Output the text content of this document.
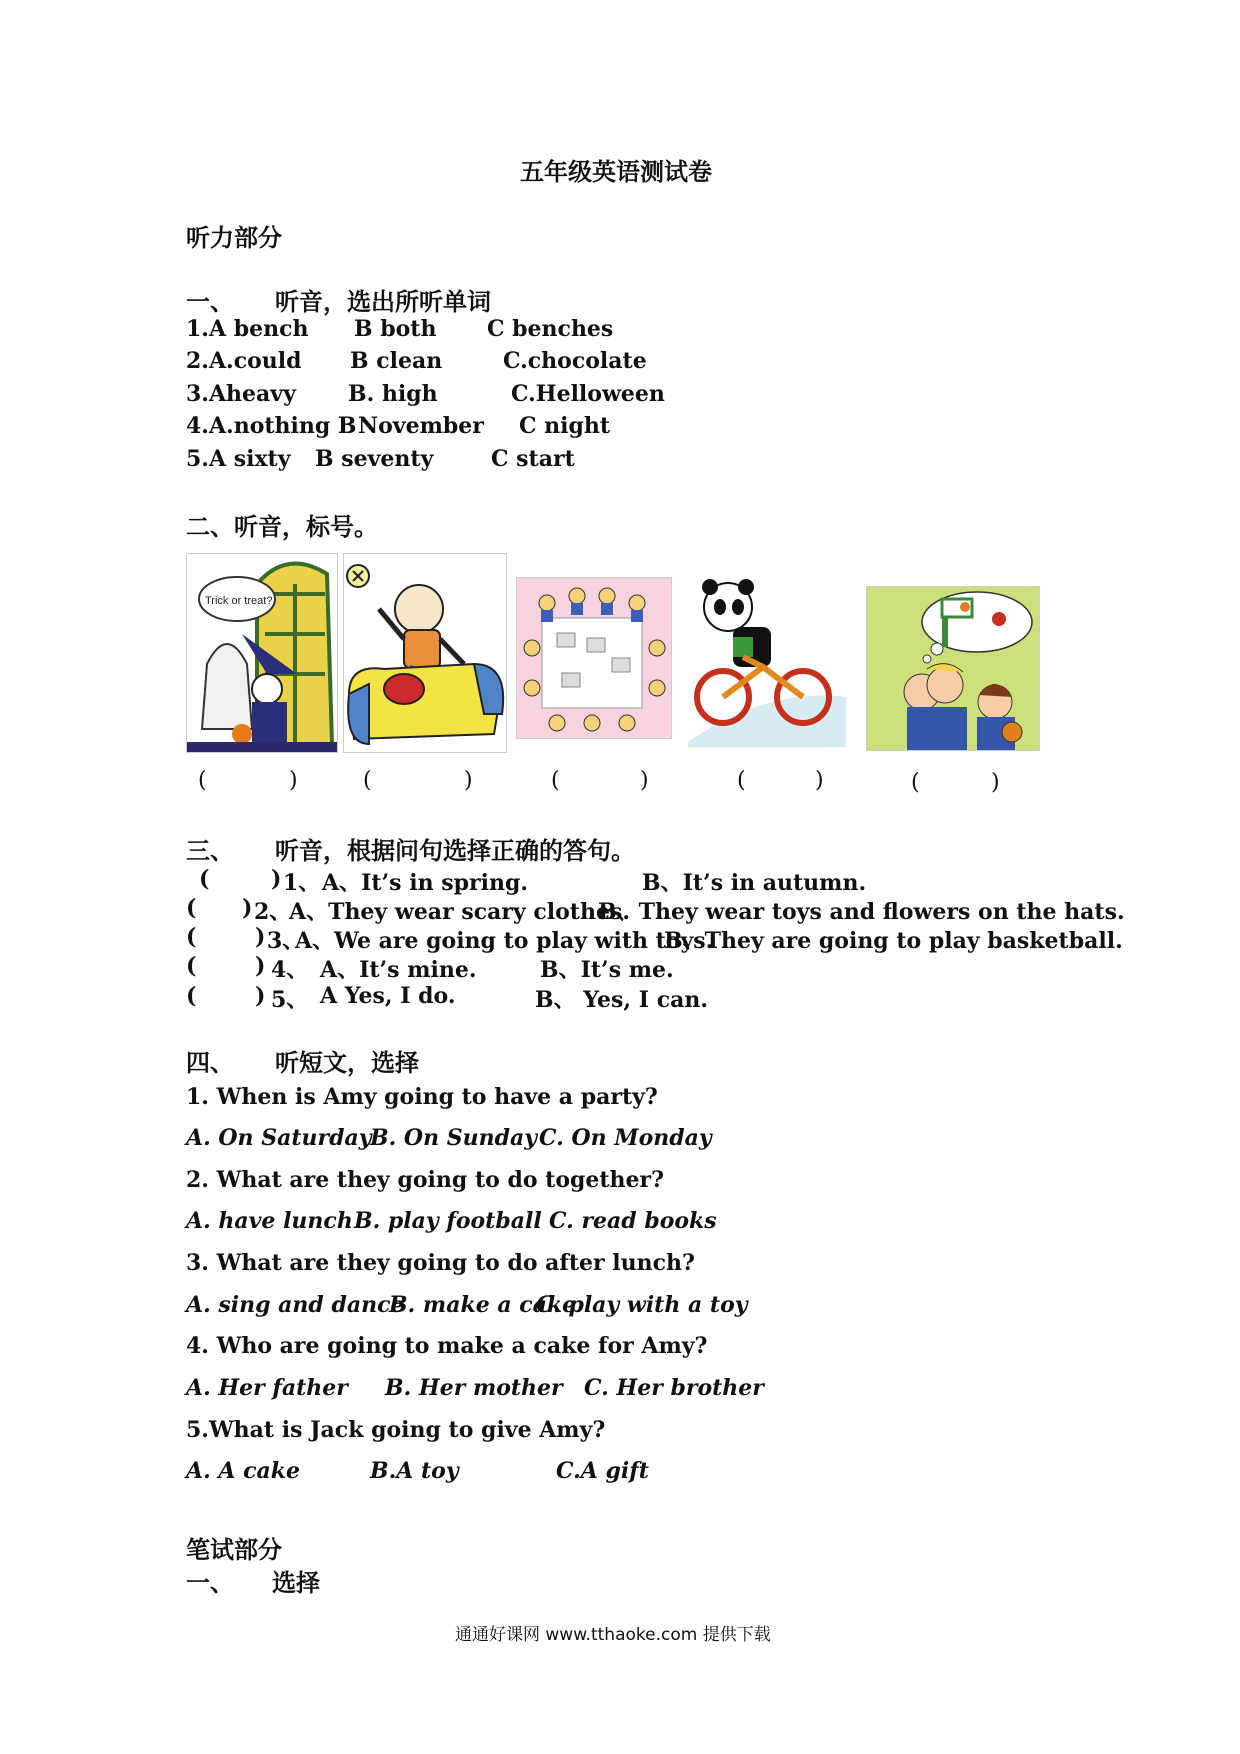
五年级英语测试卷
听力部分
一、 听音，选出所听单词
1.A bench B both C benches
2.A.could B clean	C.chocolate
3.Aheavy B. high	C.Helloween
4.A.nothing B November C night
5.A sixty B seventy	C start
二、听音，标号。
Trick or treat?
(	)	(	)	(	)	(	)	(	)
三、 听音，根据问句选择正确的答句。
(	) 1、 A、It’s in spring.	B、It’s in autumn.
( ) 2、
A、They wear scary clothes.
B、They wear toys and flowers on the hats.
(	) 3、
A、We are going to play with toys.
B、They are going to play basketball.
(	) 4、 A、It’s mine.	B、It’s me.
(	) 5、 A Yes, I do.	B、 Yes, I can.
四、 听短文，选择
1. When is Amy going to have a party?
A. On Saturday
B. On Sunday C. On Monday
2. What are they going to do together?
A. have lunch B. play football C. read books
3. What are they going to do after lunch?
A. sing and dance
B. make a cake
C. play with a toy
4. Who are going to make a cake for Amy?
A. Her father B. Her mother C. Her brother
5.What is Jack going to give Amy?
A. A cake	B.A toy	C.A gift
笔试部分
一、 选择
通通好课网 www.tthaoke.com 提供下载
